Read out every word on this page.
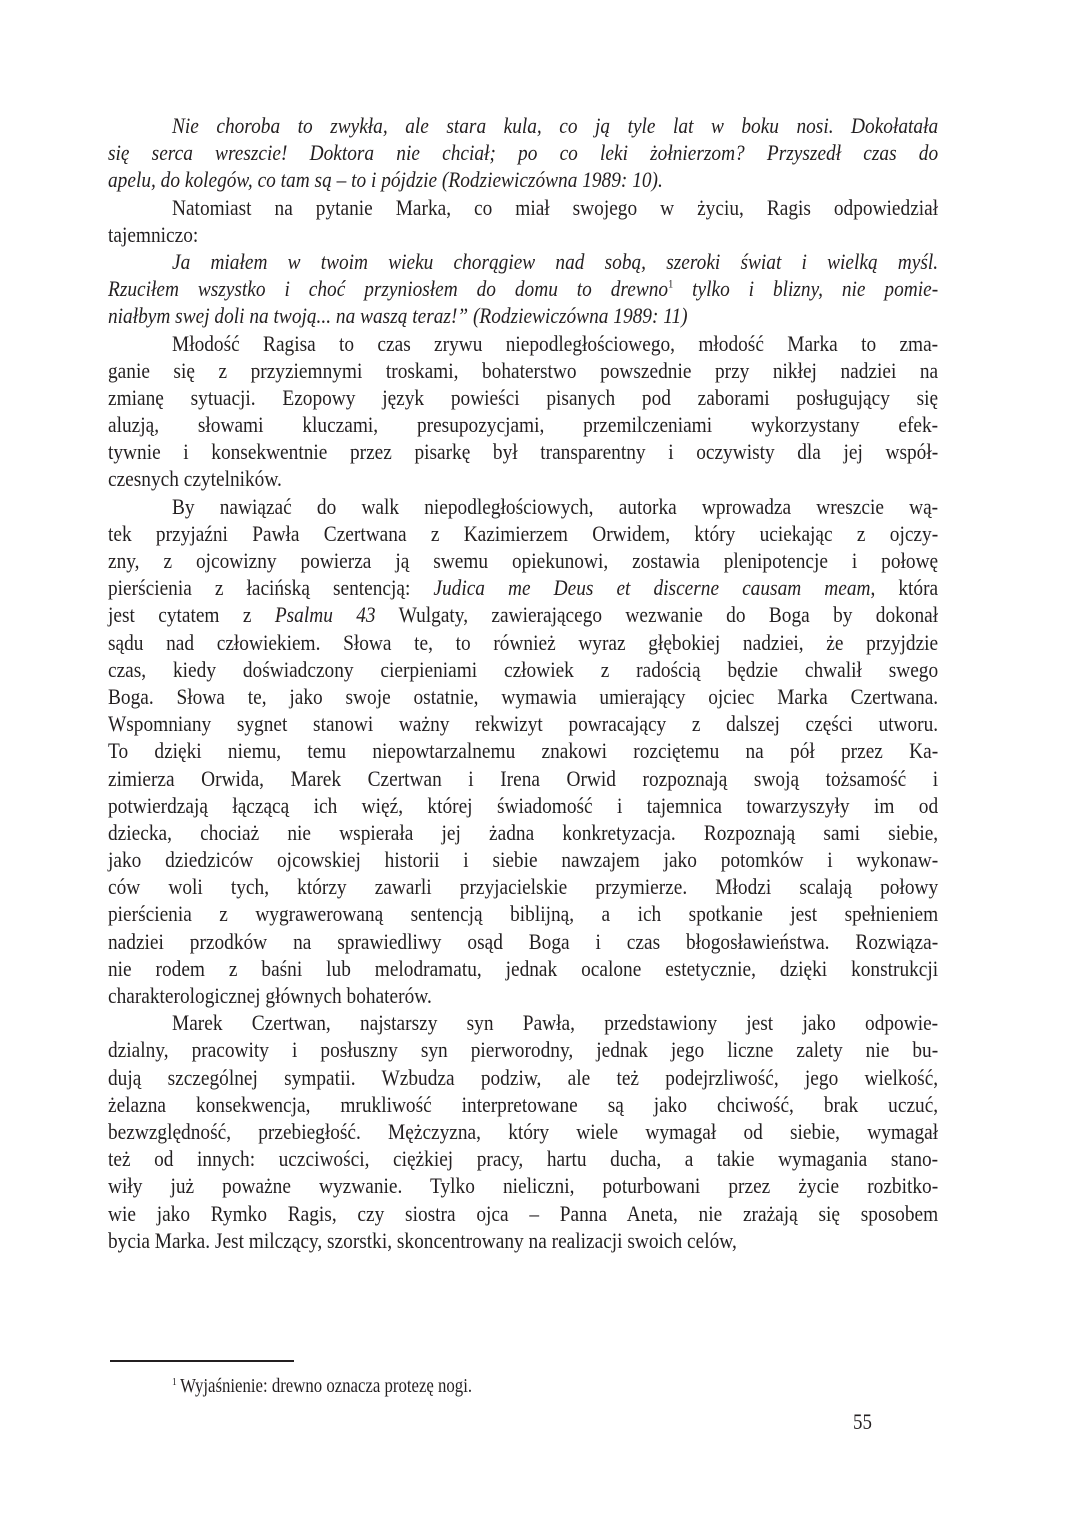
Nie choroba to zwykła, ale stara kula, co ją tyle lat w boku nosi. Dokołatała
się serca wreszcie! Doktora nie chciał; po co leki żołnierzom? Przyszedł czas do
apelu, do kolegów, co tam są – to i pójdzie (Rodziewiczówna 1989: 10).
Natomiast na pytanie Marka, co miał swojego w życiu, Ragis odpowiedział
tajemniczo:
Ja miałem w twoim wieku chorągiew nad sobą, szeroki świat i wielką myśl.
Rzuciłem wszystko i choć przyniosłem do domu to drewno$^1$ tylko i blizny, nie pomie-
niałbym swej doli na twoją... na waszą teraz!” (Rodziewiczówna 1989: 11)
Młodość Ragisa to czas zrywu niepodległościowego, młodość Marka to zma-
ganie się z przyziemnymi troskami, bohaterstwo powszednie przy nikłej nadziei na
zmianę sytuacji. Ezopowy język powieści pisanych pod zaborami posługujący się
aluzją, słowami kluczami, presupozycjami, przemilczeniami wykorzystany efek-
tywnie i konsekwentnie przez pisarkę był transparentny i oczywisty dla jej współ-
czesnych czytelników.
By nawiązać do walk niepodległościowych, autorka wprowadza wreszcie wą-
tek przyjaźni Pawła Czertwana z Kazimierzem Orwidem, który uciekając z ojczy-
zny, z ojcowizny powierza ją swemu opiekunowi, zostawia plenipotencje i połowę
pierścienia z łacińską sentencją: Judica me Deus et discerne causam meam, która
jest cytatem z Psalmu 43 Wulgaty, zawierającego wezwanie do Boga by dokonał
sądu nad człowiekiem. Słowa te, to również wyraz głębokiej nadziei, że przyjdzie
czas, kiedy doświadczony cierpieniami człowiek z radością będzie chwalił swego
Boga. Słowa te, jako swoje ostatnie, wymawia umierający ojciec Marka Czertwana.
Wspomniany sygnet stanowi ważny rekwizyt powracający z dalszej części utworu.
To dzięki niemu, temu niepowtarzalnemu znakowi rozciętemu na pół przez Ka-
zimierza Orwida, Marek Czertwan i Irena Orwid rozpoznają swoją tożsamość i
potwierdzają łączącą ich więź, której świadomość i tajemnica towarzyszyły im od
dziecka, chociaż nie wspierała jej żadna konkretyzacja. Rozpoznają sami siebie,
jako dziedziców ojcowskiej historii i siebie nawzajem jako potomków i wykonaw-
ców woli tych, którzy zawarli przyjacielskie przymierze. Młodzi scalają połowy
pierścienia z wygrawerowaną sentencją biblijną, a ich spotkanie jest spełnieniem
nadziei przodków na sprawiedliwy osąd Boga i czas błogosławieństwa. Rozwiąza-
nie rodem z baśni lub melodramatu, jednak ocalone estetycznie, dzięki konstrukcji
charakterologicznej głównych bohaterów.
Marek Czertwan, najstarszy syn Pawła, przedstawiony jest jako odpowie-
dzialny, pracowity i posłuszny syn pierworodny, jednak jego liczne zalety nie bu-
dują szczególnej sympatii. Wzbudza podziw, ale też podejrzliwość, jego wielkość,
żelazna konsekwencja, mrukliwość interpretowane są jako chciwość, brak uczuć,
bezwzględność, przebiegłość. Mężczyzna, który wiele wymagał od siebie, wymagał
też od innych: uczciwości, ciężkiej pracy, hartu ducha, a takie wymagania stano-
wiły już poważne wyzwanie. Tylko nieliczni, poturbowani przez życie rozbitko-
wie jako Rymko Ragis, czy siostra ojca – Panna Aneta, nie zrażają się sposobem
bycia Marka. Jest milczący, szorstki, skoncentrowany na realizacji swoich celów,
$^1$ Wyjaśnienie: drewno oznacza protezę nogi.
55
